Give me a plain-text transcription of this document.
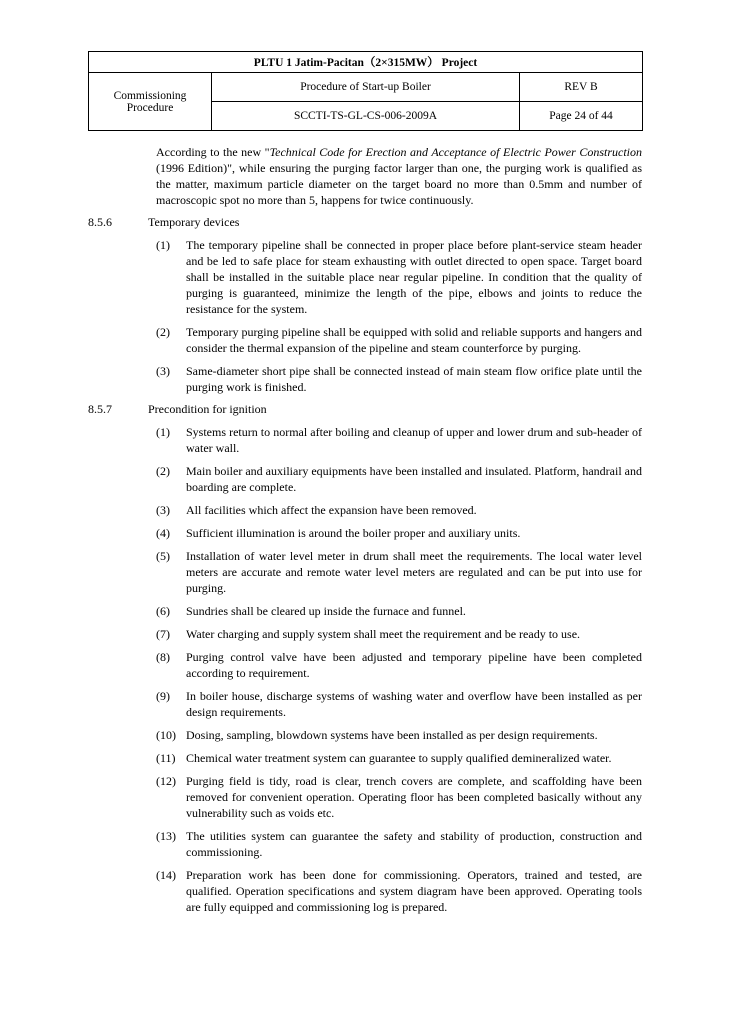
PLTU 1 Jatim-Pacitan（2×315MW） Project		
Commissioning Procedure	Procedure of Start-up Boiler	REV B
	SCCTI-TS-GL-CS-006-2009A	Page 24 of 44
According to the new "Technical Code for Erection and Acceptance of Electric Power Construction (1996 Edition)", while ensuring the purging factor larger than one, the purging work is qualified as the matter, maximum particle diameter on the target board no more than 0.5mm and number of macroscopic spot no more than 5, happens for twice continuously.
8.5.6	Temporary devices
(1)	The temporary pipeline shall be connected in proper place before plant-service steam header and be led to safe place for steam exhausting with outlet directed to open space. Target board shall be installed in the suitable place near regular pipeline. In condition that the quality of purging is guaranteed, minimize the length of the pipe, elbows and joints to reduce the resistance for the system.
(2)	Temporary purging pipeline shall be equipped with solid and reliable supports and hangers and consider the thermal expansion of the pipeline and steam counterforce by purging.
(3)	Same-diameter short pipe shall be connected instead of main steam flow orifice plate until the purging work is finished.
8.5.7	Precondition for ignition
(1)	Systems return to normal after boiling and cleanup of upper and lower drum and sub-header of water wall.
(2)	Main boiler and auxiliary equipments have been installed and insulated. Platform, handrail and boarding are complete.
(3)	All facilities which affect the expansion have been removed.
(4)	Sufficient illumination is around the boiler proper and auxiliary units.
(5)	Installation of water level meter in drum shall meet the requirements. The local water level meters are accurate and remote water level meters are regulated and can be put into use for purging.
(6)	Sundries shall be cleared up inside the furnace and funnel.
(7)	Water charging and supply system shall meet the requirement and be ready to use.
(8)	Purging control valve have been adjusted and temporary pipeline have been completed according to requirement.
(9)	In boiler house, discharge systems of washing water and overflow have been installed as per design requirements.
(10) Dosing, sampling, blowdown systems have been installed as per design requirements.
(11) Chemical water treatment system can guarantee to supply qualified demineralized water.
(12) Purging field is tidy, road is clear, trench covers are complete, and scaffolding have been removed for convenient operation. Operating floor has been completed basically without any vulnerability such as voids etc.
(13) The utilities system can guarantee the safety and stability of production, construction and commissioning.
(14) Preparation work has been done for commissioning. Operators, trained and tested, are qualified. Operation specifications and system diagram have been approved. Operating tools are fully equipped and commissioning log is prepared.
